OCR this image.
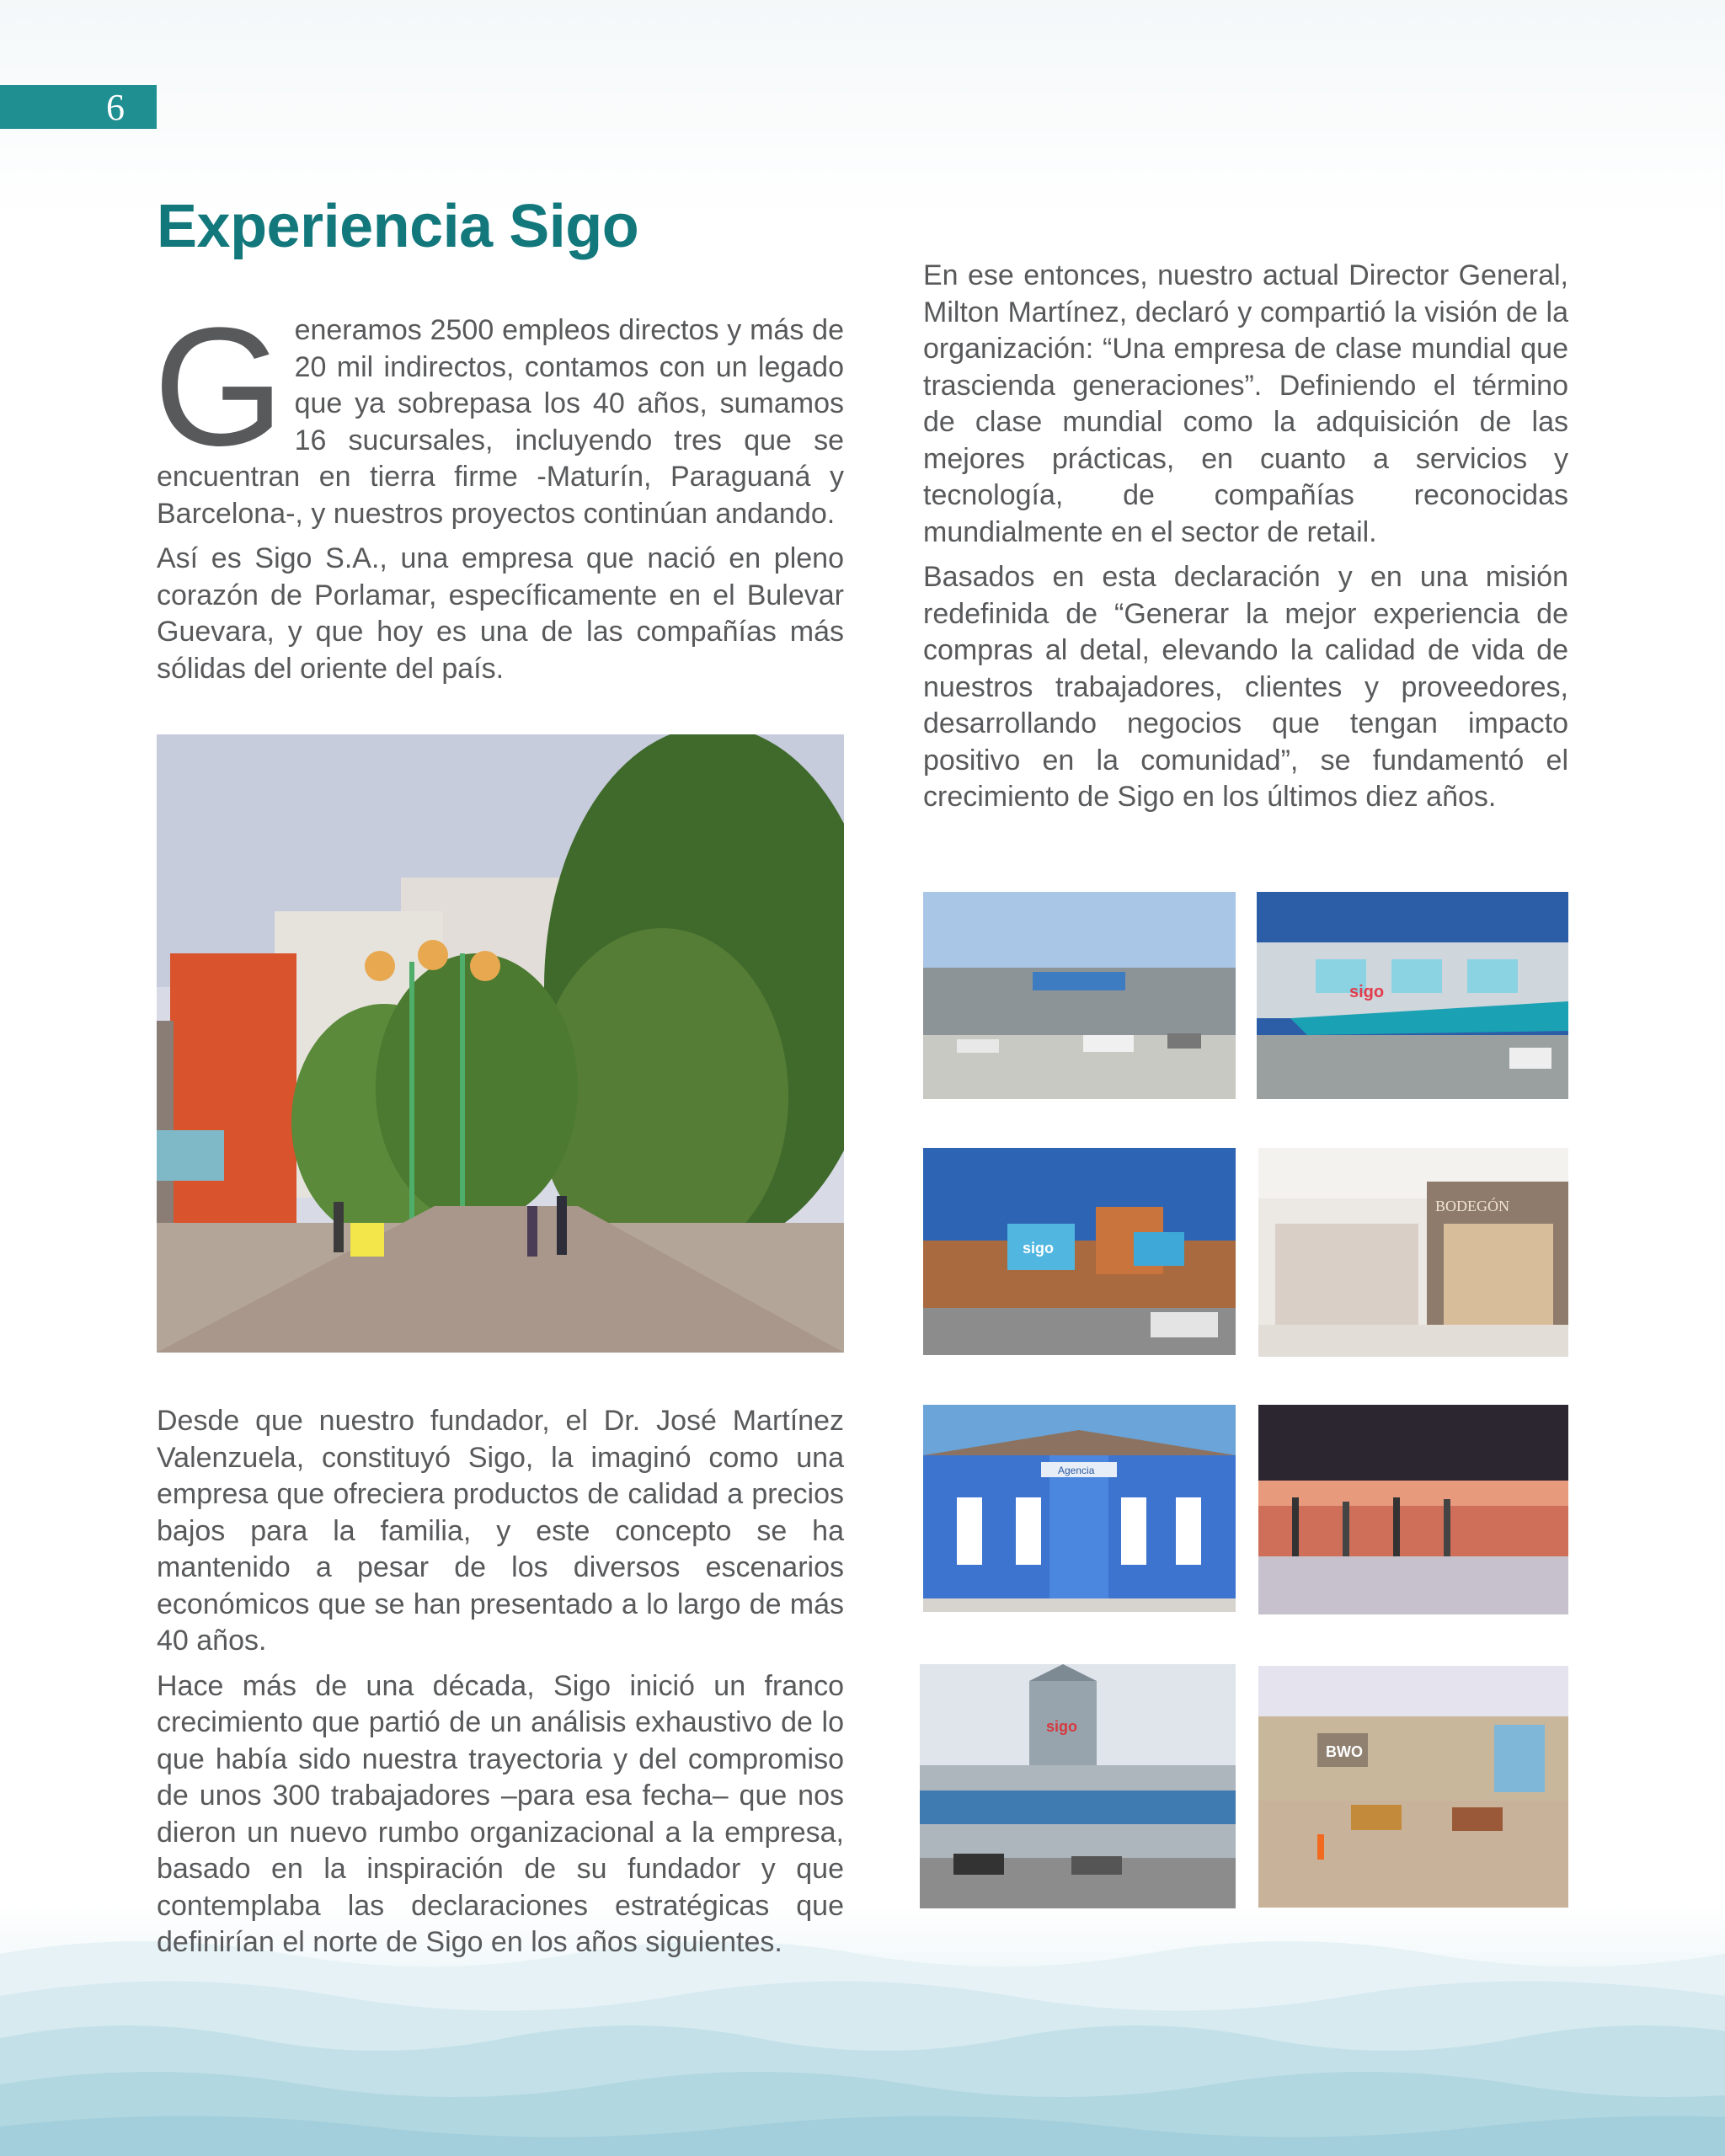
6
Experiencia Sigo

Generamos 2500 empleos directos y más de 20 mil indirectos, contamos con un legado que ya sobrepasa los 40 años, sumamos 16 sucursales, incluyendo tres que se encuentran en tierra firme -Maturín, Paraguaná y Barcelona-, y nuestros proyectos continúan andando.

Así es Sigo S.A., una empresa que nació en pleno corazón de Porlamar, específicamente en el Bulevar Guevara, y que hoy es una de las compañías más sólidas del oriente del país.

Desde que nuestro fundador, el Dr. José Martínez Valenzuela, constituyó Sigo, la imaginó como una empresa que ofreciera productos de calidad a precios bajos para la familia, y este concepto se ha mantenido a pesar de los diversos escenarios económicos que se han presentado a lo largo de más 40 años.

Hace más de una década, Sigo inició un franco crecimiento que partió de un análisis exhaustivo de lo que había sido nuestra trayectoria y del compromiso de unos 300 trabajadores –para esa fecha– que nos dieron un nuevo rumbo organizacional a la empresa, basado en la inspiración de su fundador y que contemplaba las declaraciones estratégicas que definirían el norte de Sigo en los años siguientes.

En ese entonces, nuestro actual Director General, Milton Martínez, declaró y compartió la visión de la organización: “Una empresa de clase mundial que trascienda generaciones”. Definiendo el término de clase mundial como la adquisición de las mejores prácticas, en cuanto a servicios y tecnología, de compañías reconocidas mundialmente en el sector de retail.

Basados en esta declaración y en una misión redefinida de “Generar la mejor experiencia de compras al detal, elevando la calidad de vida de nuestros trabajadores, clientes y proveedores, desarrollando negocios que tengan impacto positivo en la comunidad”, se fundamentó el crecimiento de Sigo en los últimos diez años.

sigo
sigo
BODEGÓN
Agencia
sigo
BWO
